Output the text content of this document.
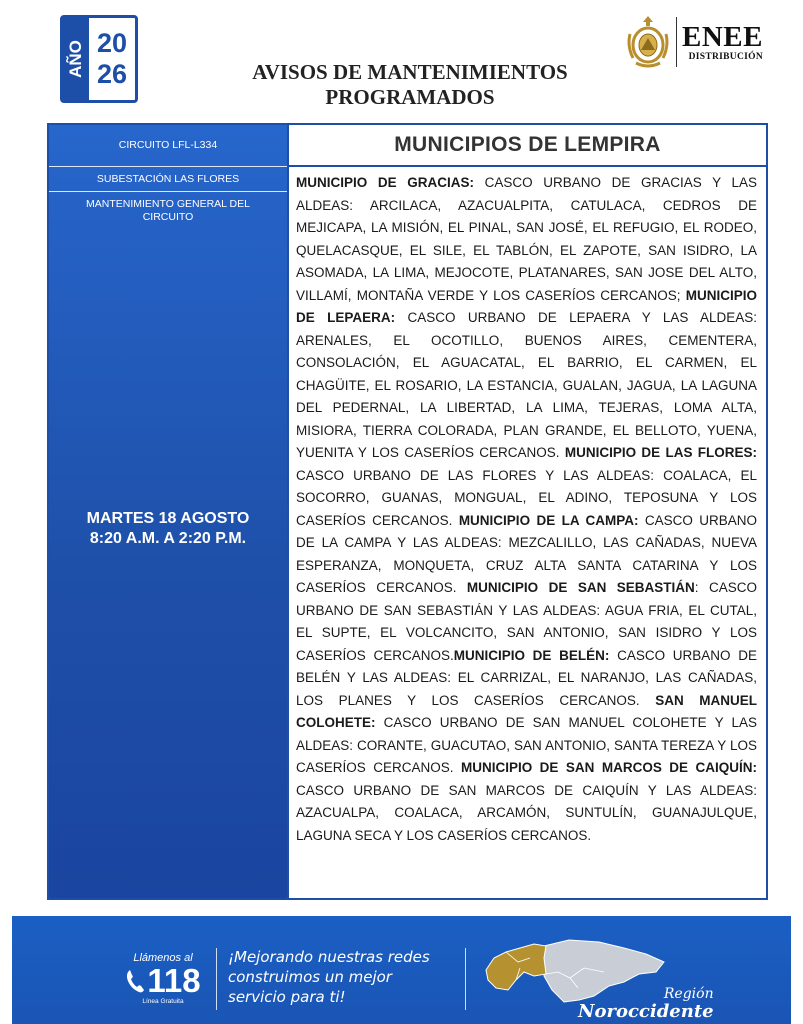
AÑO 20
26	AVISOS DE MANTENIMIENTOS
PROGRAMADOS
ENEE
DISTRIBUCIÓN
CIRCUITO LFL-L334
SUBESTACIÓN LAS FLORES
MANTENIMIENTO GENERAL DEL CIRCUITO
MARTES 18 AGOSTO
8:20 A.M. A 2:20 P.M.
MUNICIPIOS DE LEMPIRA
MUNICIPIO DE GRACIAS: CASCO URBANO DE GRACIAS Y LAS ALDEAS: ARCILACA, AZACUALPITA, CATULACA, CEDROS DE MEJICAPA, LA MISIÓN, EL PINAL, SAN JOSÉ, EL REFUGIO, EL RODEO, QUELACASQUE, EL SILE, EL TABLÓN, EL ZAPOTE, SAN ISIDRO, LA ASOMADA, LA LIMA, MEJOCOTE, PLATANARES, SAN JOSE DEL ALTO, VILLAMÍ, MONTAÑA VERDE Y LOS CASERÍOS CERCANOS; MUNICIPIO DE LEPAERA: CASCO URBANO DE LEPAERA Y LAS ALDEAS: ARENALES, EL OCOTILLO, BUENOS AIRES, CEMENTERA, CONSOLACIÓN, EL AGUACATAL, EL BARRIO, EL CARMEN, EL CHAGÜITE, EL ROSARIO, LA ESTANCIA, GUALAN, JAGUA, LA LAGUNA DEL PEDERNAL, LA LIBERTAD, LA LIMA, TEJERAS, LOMA ALTA, MISIORA, TIERRA COLORADA, PLAN GRANDE, EL BELLOTO, YUENA, YUENITA Y LOS CASERÍOS CERCANOS. MUNICIPIO DE LAS FLORES: CASCO URBANO DE LAS FLORES Y LAS ALDEAS: COALACA, EL SOCORRO, GUANAS, MONGUAL, EL ADINO, TEPOSUNA Y LOS CASERÍOS CERCANOS. MUNICIPIO DE LA CAMPA: CASCO URBANO DE LA CAMPA Y LAS ALDEAS: MEZCALILLO, LAS CAÑADAS, NUEVA ESPERANZA, MONQUETA, CRUZ ALTA SANTA CATARINA Y LOS CASERÍOS CERCANOS. MUNICIPIO DE SAN SEBASTIÁN: CASCO URBANO DE SAN SEBASTIÁN Y LAS ALDEAS: AGUA FRIA, EL CUTAL, EL SUPTE, EL VOLCANCITO, SAN ANTONIO, SAN ISIDRO Y LOS CASERÍOS CERCANOS.MUNICIPIO DE BELÉN: CASCO URBANO DE BELÉN Y LAS ALDEAS: EL CARRIZAL, EL NARANJO, LAS CAÑADAS, LOS PLANES Y LOS CASERÍOS CERCANOS. SAN MANUEL COLOHETE: CASCO URBANO DE SAN MANUEL COLOHETE Y LAS ALDEAS: CORANTE, GUACUTAO, SAN ANTONIO, SANTA TEREZA Y LOS CASERÍOS CERCANOS. MUNICIPIO DE SAN MARCOS DE CAIQUÍN: CASCO URBANO DE SAN MARCOS DE CAIQUÍN Y LAS ALDEAS: AZACUALPA, COALACA, ARCAMÓN, SUNTULÍN, GUANAJULQUE, LAGUNA SECA Y LOS CASERÍOS CERCANOS.
Llámenos al
118
Línea Gratuita
¡Mejorando nuestras redes
construimos un mejor
servicio para ti!	Región
Noroccidente
